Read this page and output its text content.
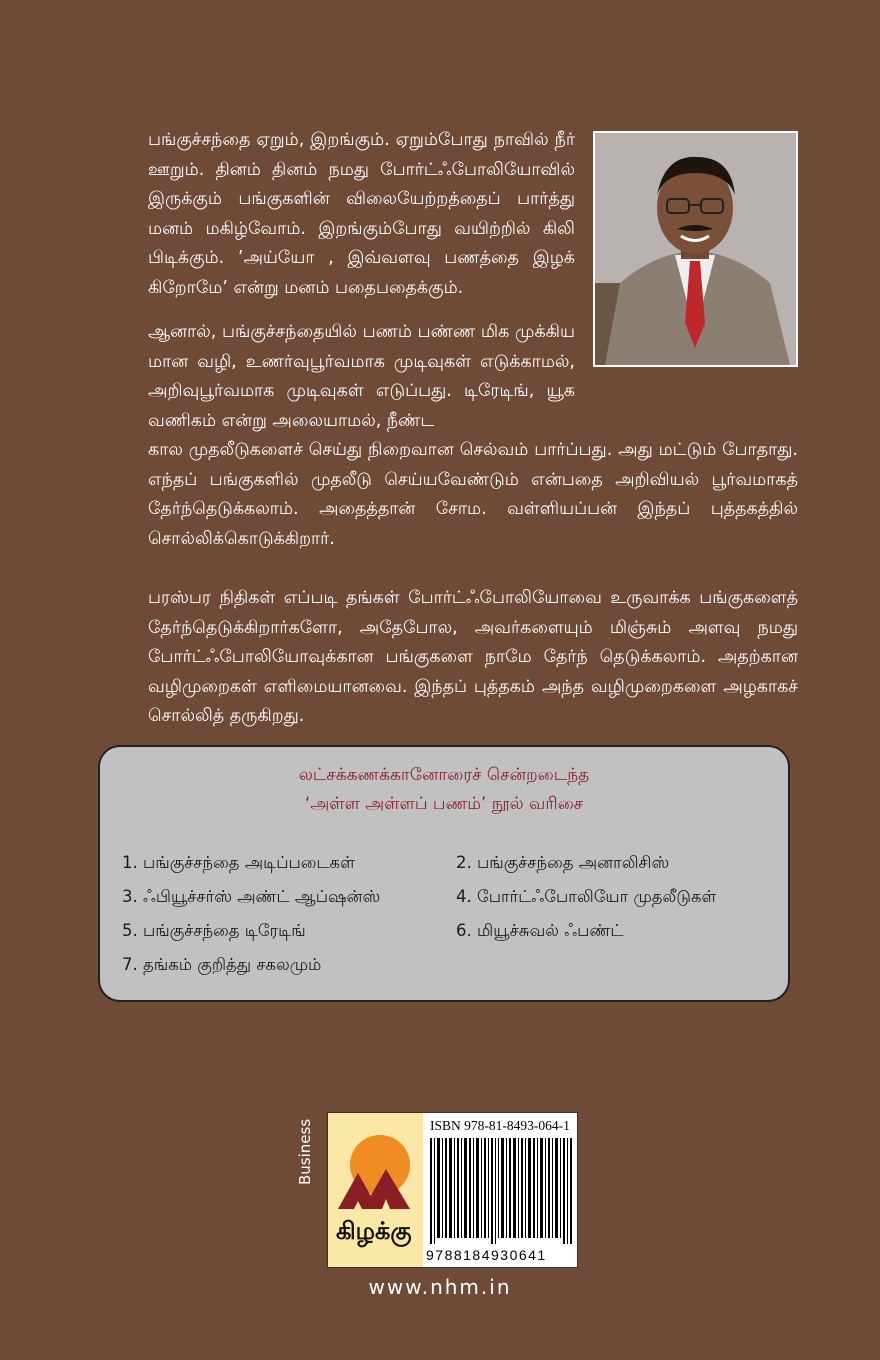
பங்குச்சந்தை ஏறும், இறங்கும். ஏறும்போது நாவில் நீர் ஊறும். தினம் தினம் நமது போர்ட்ஃபோலியோவில் இருக்கும் பங்குகளின் விலையேற்றத்தைப் பார்த்து மனம் மகிழ்வோம். இறங்கும்போது வயிற்றில் கிலி பிடிக்கும். ’அய்யோ , இவ்வளவு பணத்தை இழக் கிறோமே’ என்று மனம் பதைபதைக்கும்.
ஆனால், பங்குச்சந்தையில் பணம் பண்ண மிக முக்கிய மான வழி, உணர்வுபூர்வமாக முடிவுகள் எடுக்காமல், அறிவுபூர்வமாக முடிவுகள் எடுப்பது. டிரேடிங், யூக வணிகம் என்று அலையாமல், நீண்ட
கால முதலீடுகளைச் செய்து நிறைவான செல்வம் பார்ப்பது. அது மட்டும் போதாது. எந்தப் பங்குகளில் முதலீடு செய்யவேண்டும் என்பதை அறிவியல் பூர்வமாகத் தேர்ந்தெடுக்கலாம். அதைத்தான் சோம. வள்ளியப்பன் இந்தப் புத்தகத்தில் சொல்லிக்கொடுக்கிறார்.
பரஸ்பர நிதிகள் எப்படி தங்கள் போர்ட்ஃபோலியோவை உருவாக்க பங்குகளைத் தேர்ந்தெடுக்கிறார்களோ, அதேபோல, அவர்களையும் மிஞ்சும் அளவு நமது போர்ட்ஃபோலியோவுக்கான பங்குகளை நாமே தேர்ந் தெடுக்கலாம். அதற்கான வழிமுறைகள் எளிமையானவை. இந்தப் புத்தகம் அந்த வழிமுறைகளை அழகாகச் சொல்லித் தருகிறது.
லட்சக்கணக்கானோரைச் சென்றடைந்த
‘அள்ள அள்ளப் பணம்’ நூல் வரிசை
1. பங்குச்சந்தை அடிப்படைகள்	2. பங்குச்சந்தை அனாலிசிஸ்
3. ஃபியூச்சர்ஸ் அண்ட் ஆப்ஷன்ஸ்	4. போர்ட்ஃபோலியோ முதலீடுகள்
5. பங்குச்சந்தை டிரேடிங்	6. மியூச்சுவல் ஃபண்ட்
7. தங்கம் குறித்து சகலமும்
Business
கிழக்கு
ISBN 978-81-8493-064-1
9788184930641
www.nhm.in
